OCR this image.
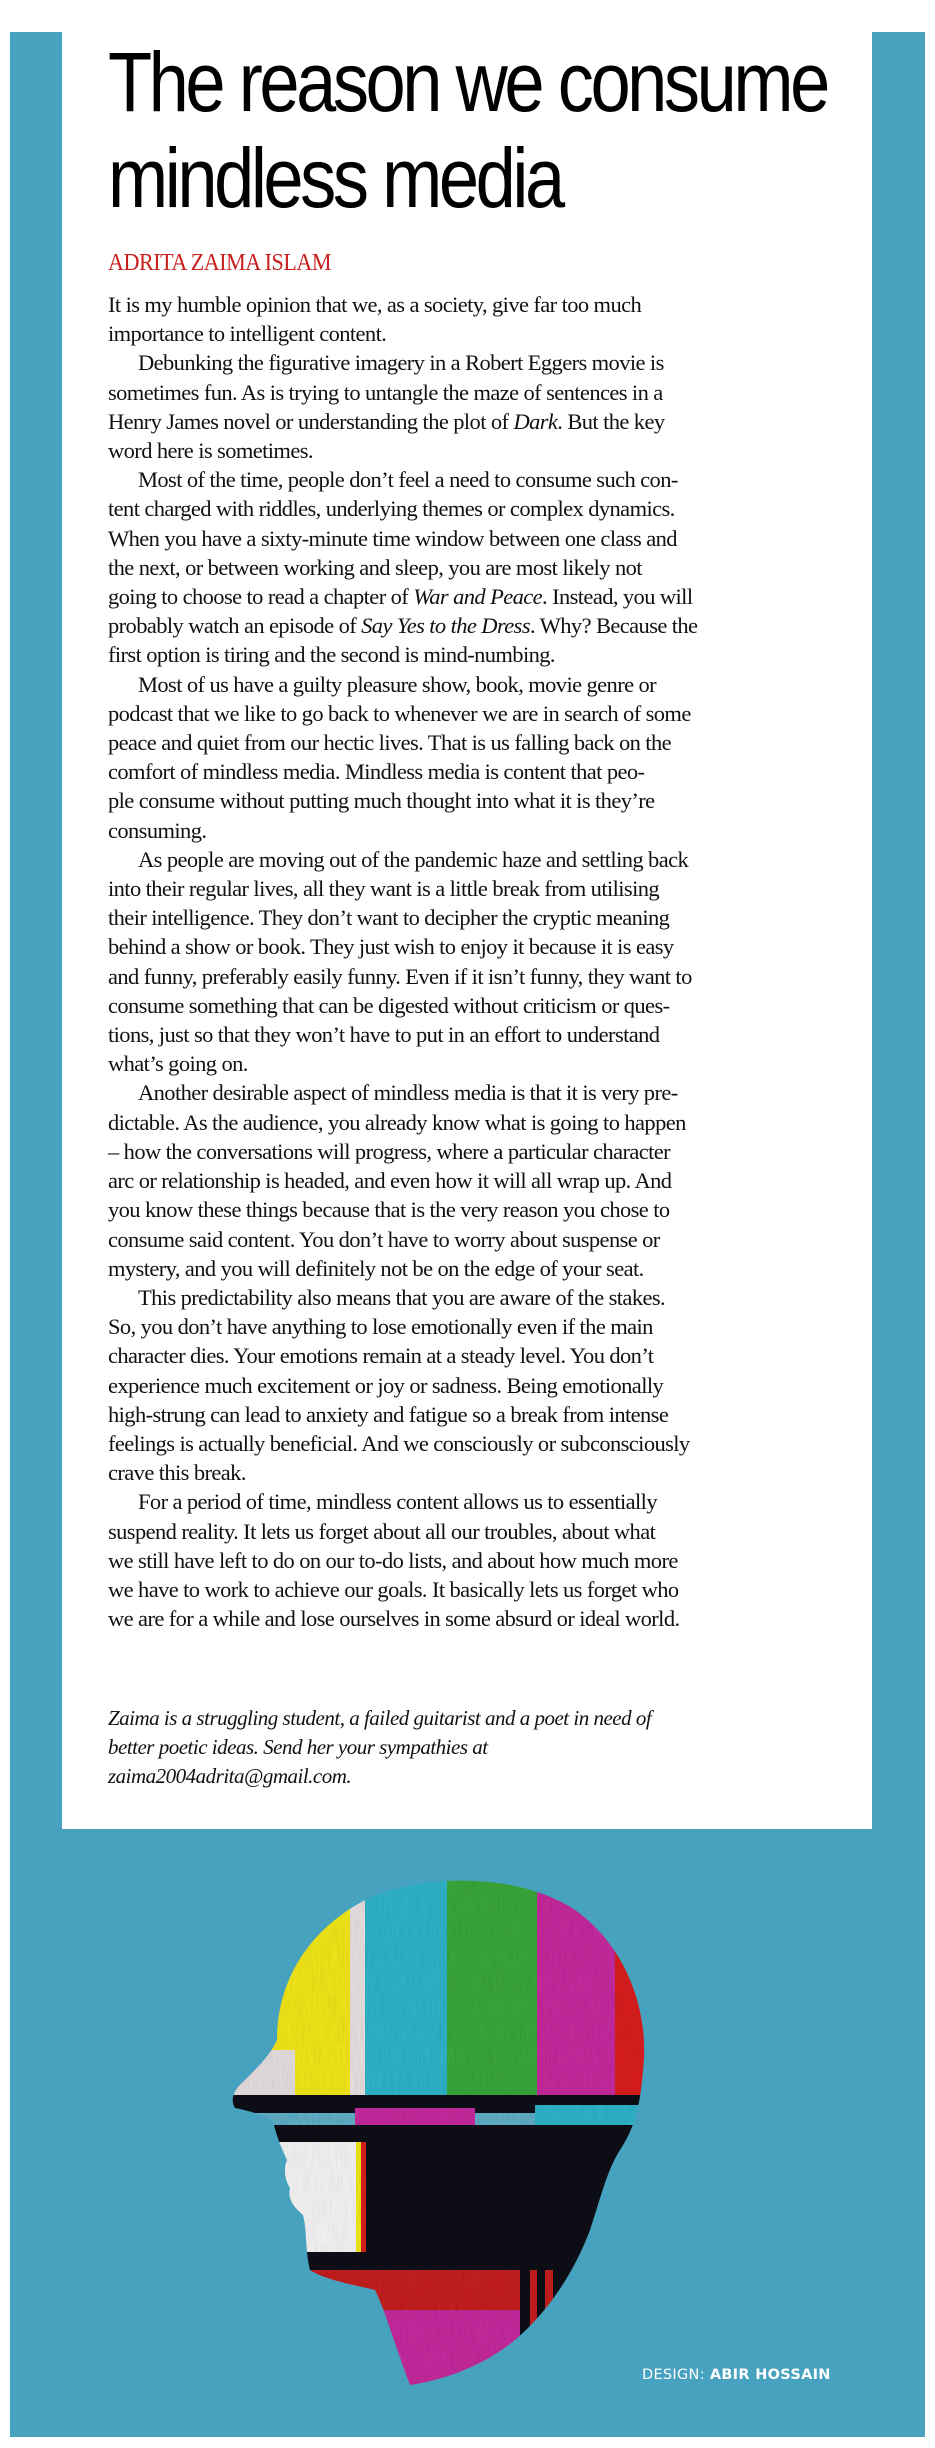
The reason we consume
mindless media
ADRITA ZAIMA ISLAM

It is my humble opinion that we, as a society, give far too much
importance to intelligent content.

Debunking the figurative imagery in a Robert Eggers movie is
sometimes fun. As is trying to untangle the maze of sentences in a
Henry James novel or understanding the plot of Dark. But the key
word here is sometimes.

Most of the time, people don’t feel a need to consume such con-
tent charged with riddles, underlying themes or complex dynamics.
When you have a sixty-minute time window between one class and
the next, or between working and sleep, you are most likely not
going to choose to read a chapter of War and Peace. Instead, you will
probably watch an episode of Say Yes to the Dress. Why? Because the
first option is tiring and the second is mind-numbing.

Most of us have a guilty pleasure show, book, movie genre or
podcast that we like to go back to whenever we are in search of some
peace and quiet from our hectic lives. That is us falling back on the
comfort of mindless media. Mindless media is content that peo-
ple consume without putting much thought into what it is they’re
consuming.

As people are moving out of the pandemic haze and settling back
into their regular lives, all they want is a little break from utilising
their intelligence. They don’t want to decipher the cryptic meaning
behind a show or book. They just wish to enjoy it because it is easy
and funny, preferably easily funny. Even if it isn’t funny, they want to
consume something that can be digested without criticism or ques-
tions, just so that they won’t have to put in an effort to understand
what’s going on.

Another desirable aspect of mindless media is that it is very pre-
dictable. As the audience, you already know what is going to happen
– how the conversations will progress, where a particular character
arc or relationship is headed, and even how it will all wrap up. And
you know these things because that is the very reason you chose to
consume said content. You don’t have to worry about suspense or
mystery, and you will definitely not be on the edge of your seat.

This predictability also means that you are aware of the stakes.
So, you don’t have anything to lose emotionally even if the main
character dies. Your emotions remain at a steady level. You don’t
experience much excitement or joy or sadness. Being emotionally
high-strung can lead to anxiety and fatigue so a break from intense
feelings is actually beneficial. And we consciously or subconsciously
crave this break.

For a period of time, mindless content allows us to essentially
suspend reality. It lets us forget about all our troubles, about what
we still have left to do on our to-do lists, and about how much more
we have to work to achieve our goals. It basically lets us forget who
we are for a while and lose ourselves in some absurd or ideal world.

Zaima is a struggling student, a failed guitarist and a poet in need of
better poetic ideas. Send her your sympathies at
zaima2004adrita@gmail.com.
DESIGN: ABIR HOSSAIN
